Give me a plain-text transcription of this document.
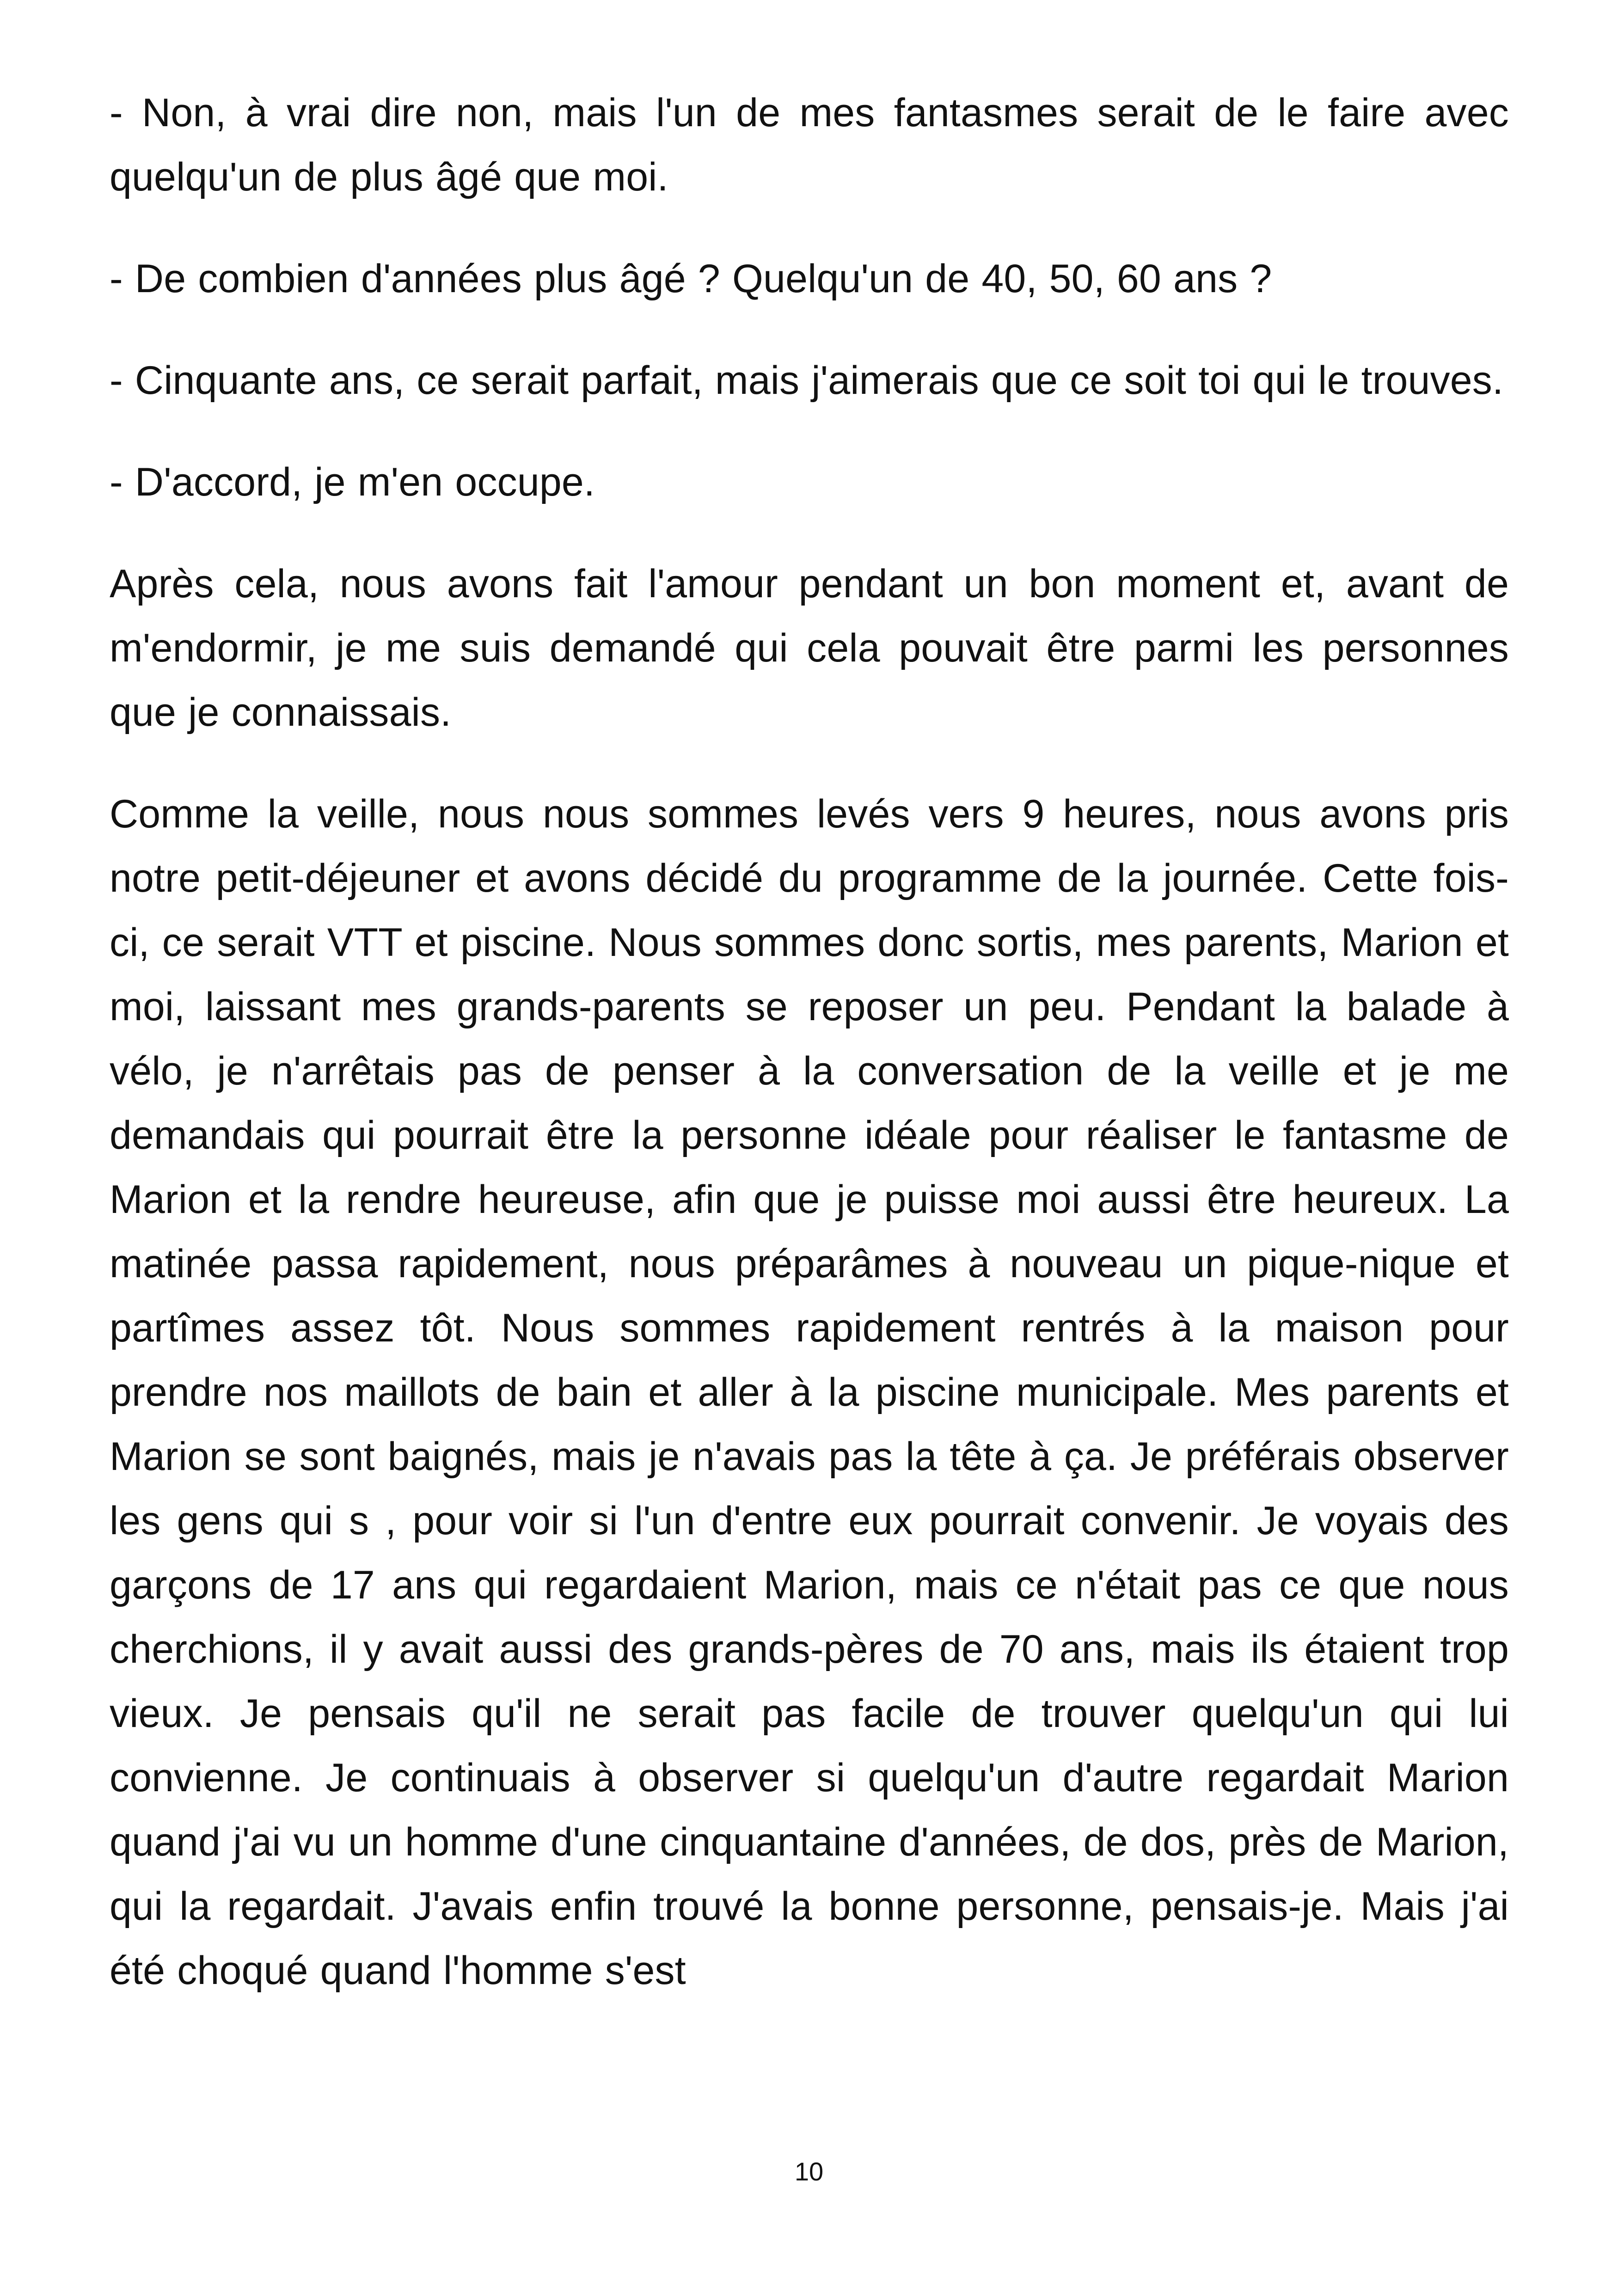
- Non, à vrai dire non, mais l'un de mes fantasmes serait de le faire avec quelqu'un de plus âgé que moi.

- De combien d'années plus âgé ? Quelqu'un de 40, 50, 60 ans ?

- Cinquante ans, ce serait parfait, mais j'aimerais que ce soit toi qui le trouves.

- D'accord, je m'en occupe.

Après cela, nous avons fait l'amour pendant un bon moment et, avant de m'endormir, je me suis demandé qui cela pouvait être parmi les personnes que je connaissais.

Comme la veille, nous nous sommes levés vers 9 heures, nous avons pris notre petit-déjeuner et avons décidé du programme de la journée. Cette fois-ci, ce serait VTT et piscine. Nous sommes donc sortis, mes parents, Marion et moi, laissant mes grands-parents se reposer un peu. Pendant la balade à vélo, je n'arrêtais pas de penser à la conversation de la veille et je me demandais qui pourrait être la personne idéale pour réaliser le fantasme de Marion et la rendre heureuse, afin que je puisse moi aussi être heureux. La matinée passa rapidement, nous préparâmes à nouveau un pique-nique et partîmes assez tôt. Nous sommes rapidement rentrés à la maison pour prendre nos maillots de bain et aller à la piscine municipale. Mes parents et Marion se sont baignés, mais je n'avais pas la tête à ça. Je préférais observer les gens qui s , pour voir si l'un d'entre eux pourrait convenir. Je voyais des garçons de 17 ans qui regardaient Marion, mais ce n'était pas ce que nous cherchions, il y avait aussi des grands-pères de 70 ans, mais ils étaient trop vieux. Je pensais qu'il ne serait pas facile de trouver quelqu'un qui lui convienne. Je continuais à observer si quelqu'un d'autre regardait Marion quand j'ai vu un homme d'une cinquantaine d'années, de dos, près de Marion, qui la regardait. J'avais enfin trouvé la bonne personne, pensais-je. Mais j'ai été choqué quand l'homme s'est

10
